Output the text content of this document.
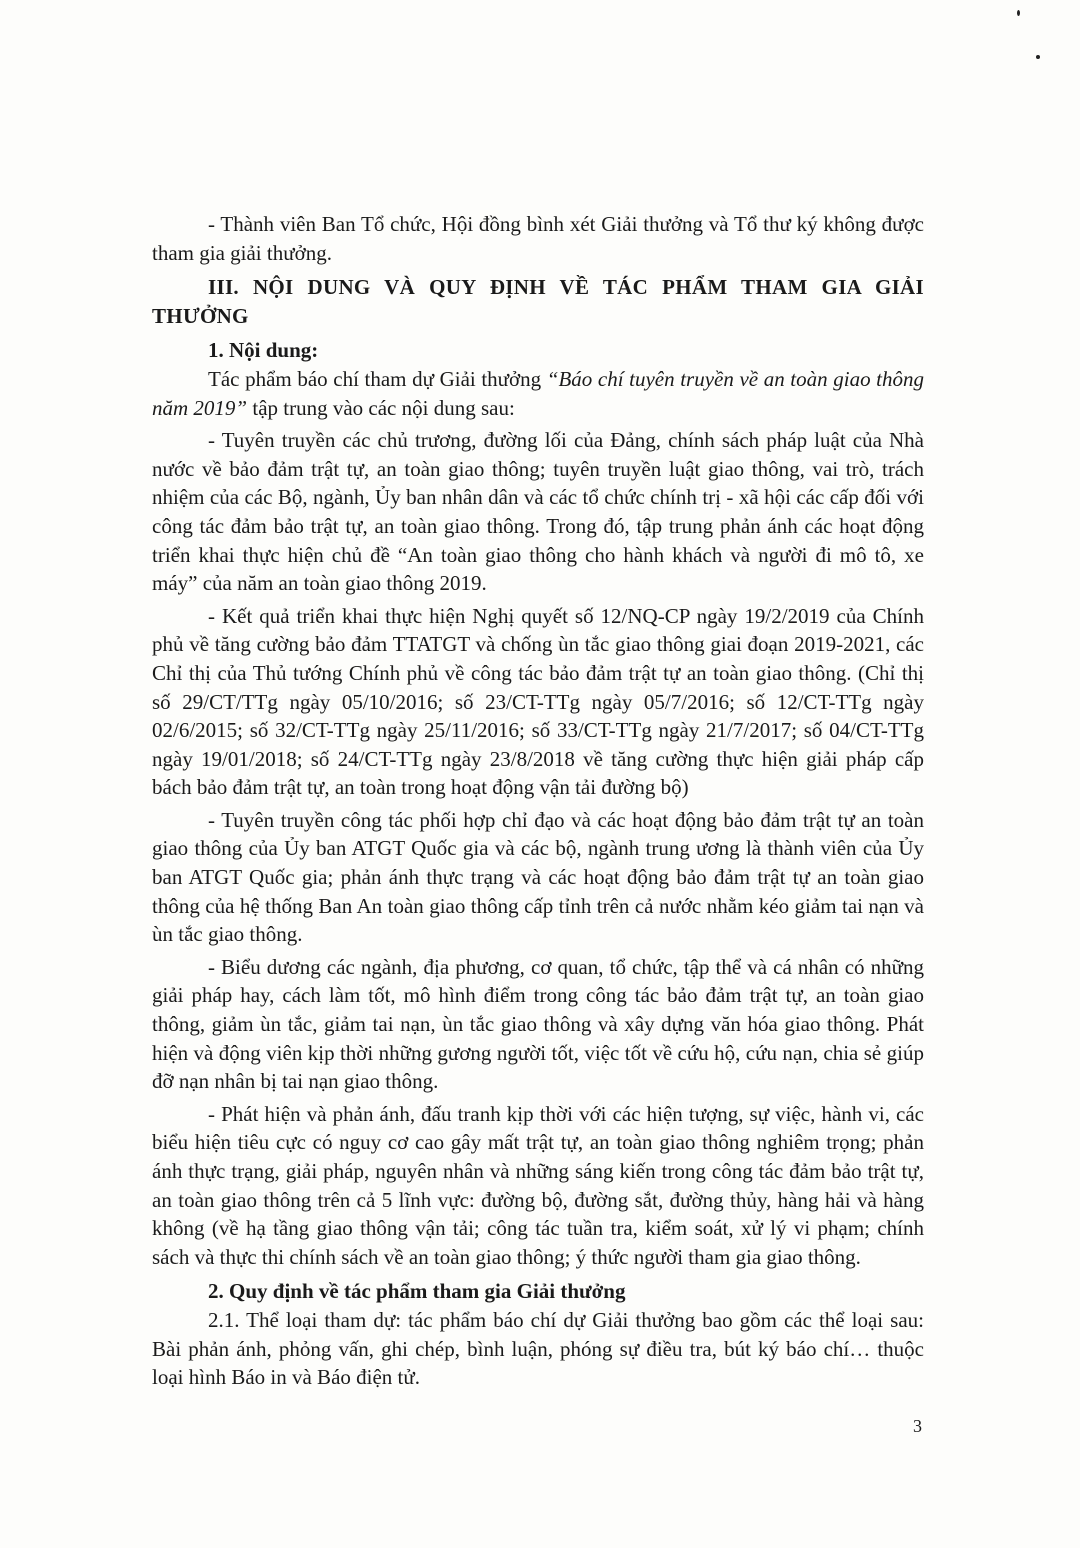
- Thành viên Ban Tổ chức, Hội đồng bình xét Giải thưởng và Tổ thư ký không được tham gia giải thưởng.

III. NỘI DUNG VÀ QUY ĐỊNH VỀ TÁC PHẨM THAM GIA GIẢI THƯỞNG

1. Nội dung:

Tác phẩm báo chí tham dự Giải thưởng “Báo chí tuyên truyền về an toàn giao thông năm 2019” tập trung vào các nội dung sau:

- Tuyên truyền các chủ trương, đường lối của Đảng, chính sách pháp luật của Nhà nước về bảo đảm trật tự, an toàn giao thông; tuyên truyền luật giao thông, vai trò, trách nhiệm của các Bộ, ngành, Ủy ban nhân dân và các tổ chức chính trị - xã hội các cấp đối với công tác đảm bảo trật tự, an toàn giao thông. Trong đó, tập trung phản ánh các hoạt động triển khai thực hiện chủ đề “An toàn giao thông cho hành khách và người đi mô tô, xe máy” của năm an toàn giao thông 2019.

- Kết quả triển khai thực hiện Nghị quyết số 12/NQ-CP ngày 19/2/2019 của Chính phủ về tăng cường bảo đảm TTATGT và chống ùn tắc giao thông giai đoạn 2019-2021, các Chỉ thị của Thủ tướng Chính phủ về công tác bảo đảm trật tự an toàn giao thông. (Chỉ thị số 29/CT/TTg ngày 05/10/2016; số 23/CT-TTg ngày 05/7/2016; số 12/CT-TTg ngày 02/6/2015; số 32/CT-TTg ngày 25/11/2016; số 33/CT-TTg ngày 21/7/2017; số 04/CT-TTg ngày 19/01/2018; số 24/CT-TTg ngày 23/8/2018 về tăng cường thực hiện giải pháp cấp bách bảo đảm trật tự, an toàn trong hoạt động vận tải đường bộ)

- Tuyên truyền công tác phối hợp chỉ đạo và các hoạt động bảo đảm trật tự an toàn giao thông của Ủy ban ATGT Quốc gia và các bộ, ngành trung ương là thành viên của Ủy ban ATGT Quốc gia; phản ánh thực trạng và các hoạt động bảo đảm trật tự an toàn giao thông của hệ thống Ban An toàn giao thông cấp tỉnh trên cả nước nhằm kéo giảm tai nạn và ùn tắc giao thông.

- Biểu dương các ngành, địa phương, cơ quan, tổ chức, tập thể và cá nhân có những giải pháp hay, cách làm tốt, mô hình điểm trong công tác bảo đảm trật tự, an toàn giao thông, giảm ùn tắc, giảm tai nạn, ùn tắc giao thông và xây dựng văn hóa giao thông. Phát hiện và động viên kịp thời những gương người tốt, việc tốt về cứu hộ, cứu nạn, chia sẻ giúp đỡ nạn nhân bị tai nạn giao thông.

- Phát hiện và phản ánh, đấu tranh kịp thời với các hiện tượng, sự việc, hành vi, các biểu hiện tiêu cực có nguy cơ cao gây mất trật tự, an toàn giao thông nghiêm trọng; phản ánh thực trạng, giải pháp, nguyên nhân và những sáng kiến trong công tác đảm bảo trật tự, an toàn giao thông trên cả 5 lĩnh vực: đường bộ, đường sắt, đường thủy, hàng hải và hàng không (về hạ tầng giao thông vận tải; công tác tuần tra, kiểm soát, xử lý vi phạm; chính sách và thực thi chính sách về an toàn giao thông; ý thức người tham gia giao thông.

2. Quy định về tác phẩm tham gia Giải thưởng

2.1. Thể loại tham dự: tác phẩm báo chí dự Giải thưởng bao gồm các thể loại sau: Bài phản ánh, phỏng vấn, ghi chép, bình luận, phóng sự điều tra, bút ký báo chí… thuộc loại hình Báo in và Báo điện tử.

3
